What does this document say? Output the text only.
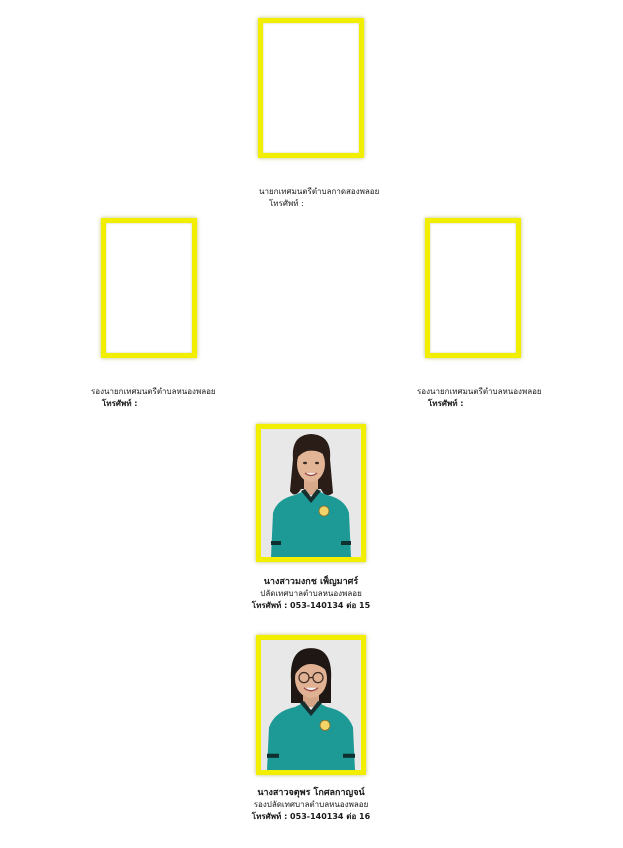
นายกเทศมนตรีตำบลกาดสองพลอย
โทรศัพท์ :
รองนายกเทศมนตรีตำบลหนองพลอย
โทรศัพท์ :
รองนายกเทศมนตรีตำบลหนองพลอย
โทรศัพท์ :
นางสาวมงกช เพ็ญมาศร์
ปลัดเทศบาลตำบลหนองพลอย
โทรศัพท์ : 053-140134 ต่อ 15
นางสาวจตุพร โกศลกาญจน์
รองปลัดเทศบาลตำบลหนองพลอย
โทรศัพท์ : 053-140134 ต่อ 16
